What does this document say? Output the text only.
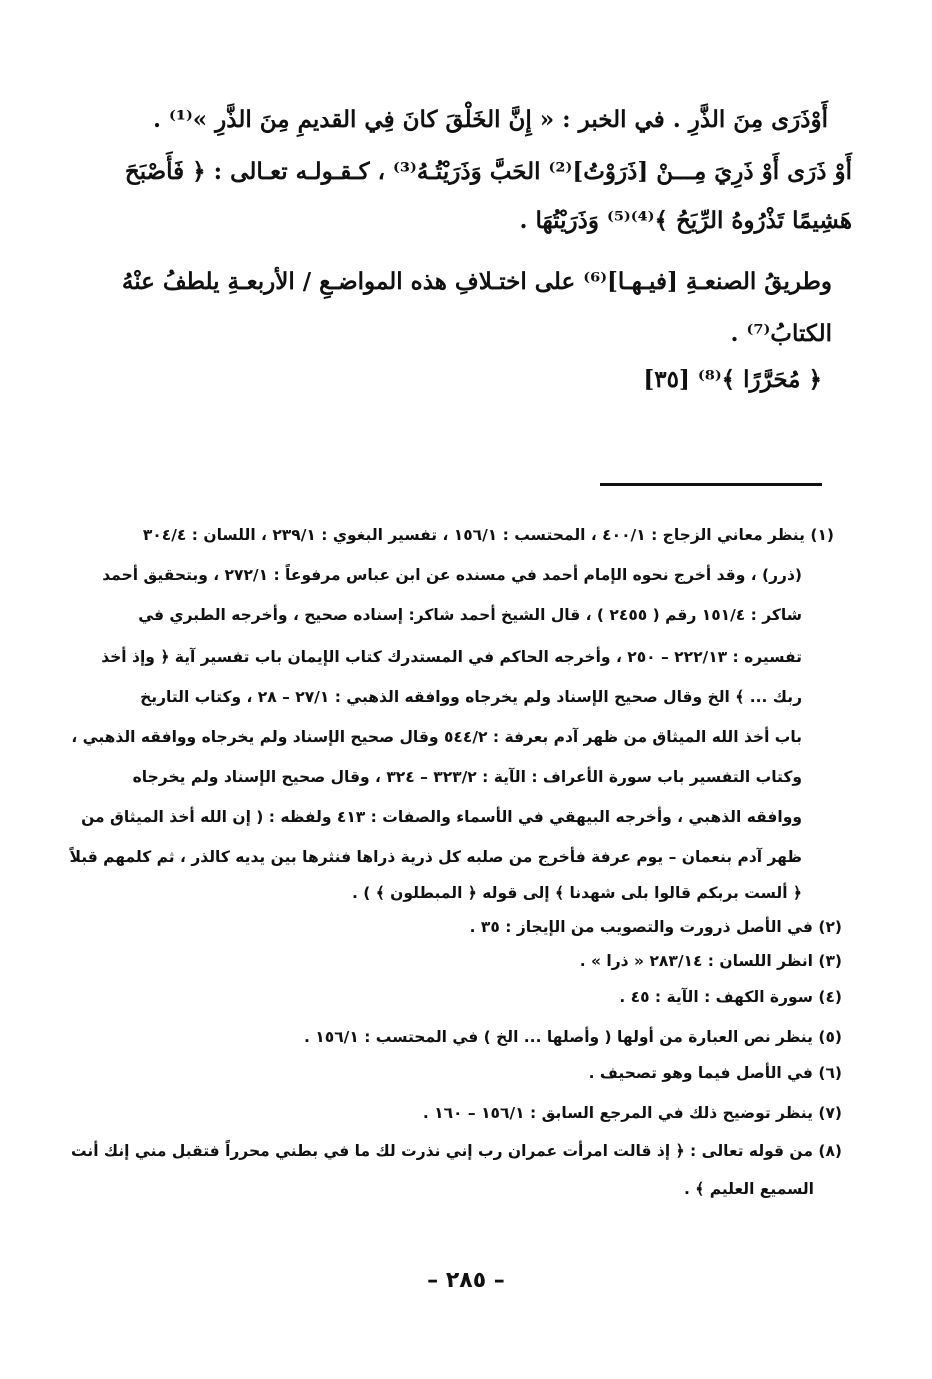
أَوْذَرَى مِنَ الذَّرِ . في الخبر : « إِنَّ الخَلْقَ كانَ فِي القديمِ مِنَ الذَّرِ »⁽¹⁾ .
أَوْ ذَرَى أَوْ ذَرِيَ مِـــنْ [ذَرَوْتُ]⁽²⁾ الحَبَّ وَذَرَيْتُـهُ⁽³⁾ ، كـقـولـه تعـالى : ﴿ فَأَصْبَحَ
هَشِيمًا تَذْرُوهُ الرِّيَحُ ﴾⁽⁴⁾⁽⁵⁾ وَذَرَيْتُهَا .
وطريقُ الصنعـةِ [فيـهـا]⁽⁶⁾ على اختـلافِ هذه المواضـعِ / الأربعـةِ يلطفُ عنْهُ
الكتابُ⁽⁷⁾ .
﴿ مُحَرَّرًا ﴾⁽⁸⁾ [٣٥]
(١) ينظر معاني الزجاج : ٤٠٠/١ ، المحتسب : ١٥٦/١ ، تفسير البغوي : ٢٣٩/١ ، اللسان : ٣٠٤/٤
(ذرر) ، وقد أخرج نحوه الإمام أحمد في مسنده عن ابن عباس مرفوعاً : ٢٧٢/١ ، وبتحقيق أحمد
شاكر : ١٥١/٤ رقم ( ٢٤٥٥ ) ، قال الشيخ أحمد شاكر: إسناده صحيح ، وأخرجه الطبري في
تفسيره : ٢٢٢/١٣ – ٢٥٠ ، وأخرجه الحاكم في المستدرك كتاب الإيمان باب تفسير آية ﴿ وإذ أخذ
ربك ... ﴾ الخ وقال صحيح الإسناد ولم يخرجاه ووافقه الذهبي : ٢٧/١ – ٢٨ ، وكتاب التاريخ
باب أخذ الله الميثاق من ظهر آدم بعرفة : ٥٤٤/٢ وقال صحيح الإسناد ولم يخرجاه ووافقه الذهبي ،
وكتاب التفسير باب سورة الأعراف : الآية : ٣٢٣/٢ – ٣٢٤ ، وقال صحيح الإسناد ولم يخرجاه
ووافقه الذهبي ، وأخرجه البيهقي في الأسماء والصفات : ٤١٣ ولفظه : ( إن الله أخذ الميثاق من
ظهر آدم بنعمان – يوم عرفة فأخرج من صلبه كل ذرية ذراها فنثرها بين يديه كالذر ، ثم كلمهم قبلاً
﴿ ألست بربكم قالوا بلى شهدنا ﴾ إلى قوله ﴿ المبطلون ﴾ ) .
(٢) في الأصل ذرورت والتصويب من الإيجاز : ٣٥ .
(٣) انظر اللسان : ٢٨٣/١٤ « ذرا » .
(٤) سورة الكهف : الآية : ٤٥ .
(٥) ينظر نص العبارة من أولها ( وأصلها ... الخ ) في المحتسب : ١٥٦/١ .
(٦) في الأصل فيما وهو تصحيف .
(٧) ينظر توضيح ذلك في المرجع السابق : ١٥٦/١ – ١٦٠ .
(٨) من قوله تعالى : ﴿ إذ قالت امرأت عمران رب إني نذرت لك ما في بطني محرراً فتقبل مني إنك أنت
السميع العليم ﴾ .
– ٢٨٥ –
